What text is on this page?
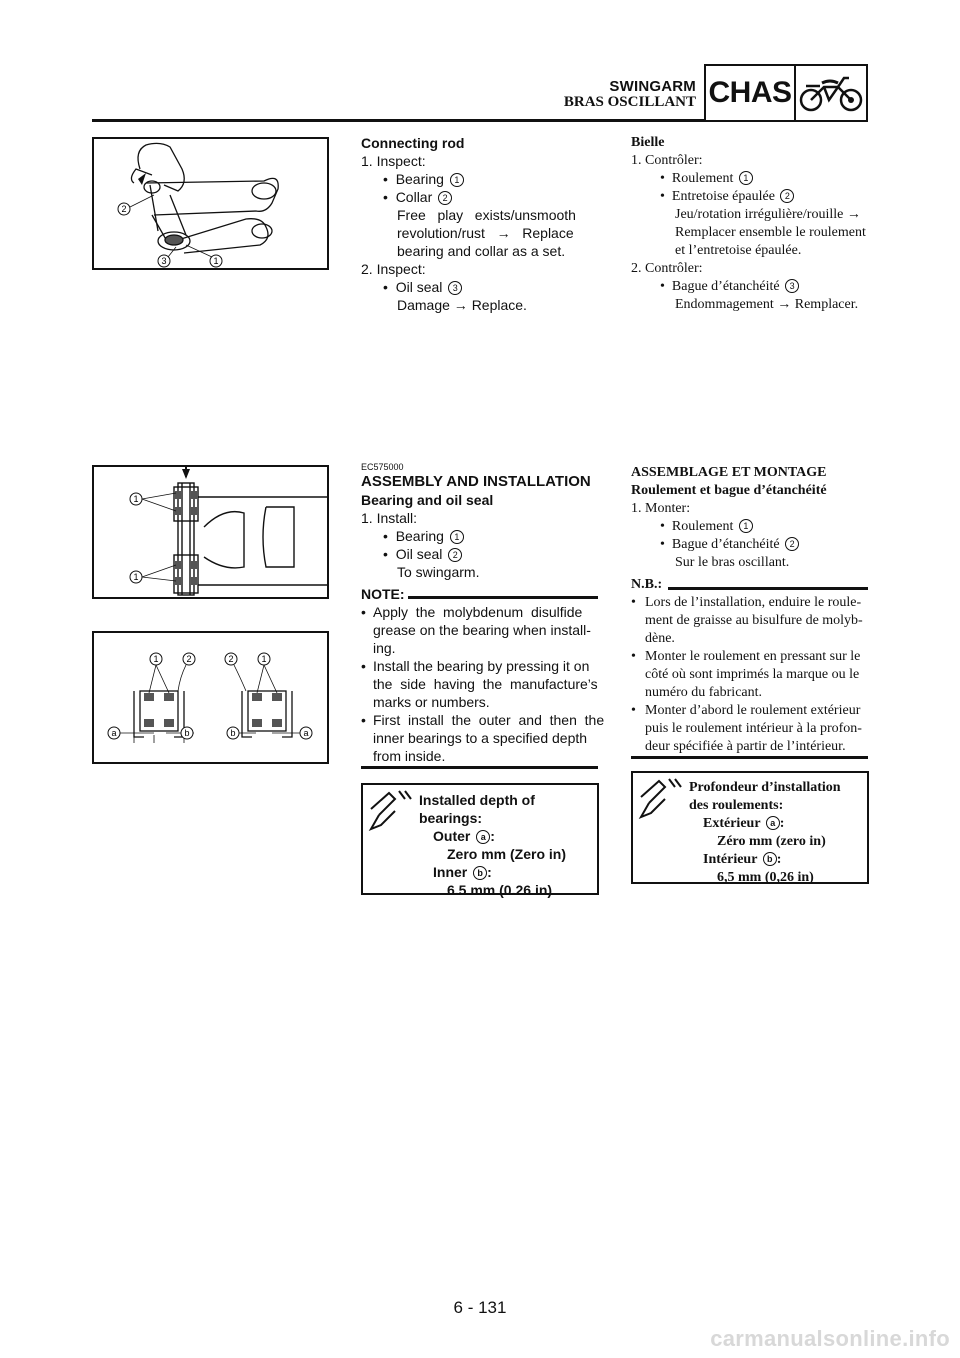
SWINGARM
BRAS OSCILLANT CHAS
2
3	1
Connecting rod
1. Inspect:
•  Bearing 1
•  Collar 2
Free   play   exists/unsmooth
revolution/rust   →   Replace
bearing and collar as a set.
2. Inspect:
•  Oil seal 3
Damage → Replace.
Bielle
1. Contrôler:
•  Roulement 1
•  Entretoise épaulée 2
Jeu/rotation irrégulière/rouille →
Remplacer ensemble le roulement
et l’entretoise épaulée.
2. Contrôler:
•  Bague d’étanchéité 3
Endommagement → Remplacer.
1
1
1	2	2	1
a	b	b	a
EC575000
ASSEMBLY AND INSTALLATION
Bearing and oil seal
1. Install:
•  Bearing 1
•  Oil seal 2
To swingarm.
NOTE:
• Apply  the  molybdenum  disulfide
grease on the bearing when install-
ing.
• Install the bearing by pressing it on
the  side  having  the  manufacture’s
marks or numbers.
• First  install  the  outer  and  then  the
inner bearings to a specified depth
from inside.
Installed depth of
bearings:
Outer a :
Zero mm (Zero in)
Inner b :
6.5 mm (0.26 in)
ASSEMBLAGE ET MONTAGE
Roulement et bague d’étanchéité
1. Monter:
•  Roulement 1
•  Bague d’étanchéité 2
Sur le bras oscillant.
N.B.:
• Lors de l’installation, enduire le roule-
ment de graisse au bisulfure de molyb-
dène.
• Monter le roulement en pressant sur le
côté où sont imprimés la marque ou le
numéro du fabricant.
• Monter d’abord le roulement extérieur
puis le roulement intérieur à la profon-
deur spécifiée à partir de l’intérieur.
Profondeur d’installation
des roulements:
Extérieur a :
Zéro mm (zero in)
Intérieur b :
6,5 mm (0,26 in)
6 - 131
carmanualsonline.info
